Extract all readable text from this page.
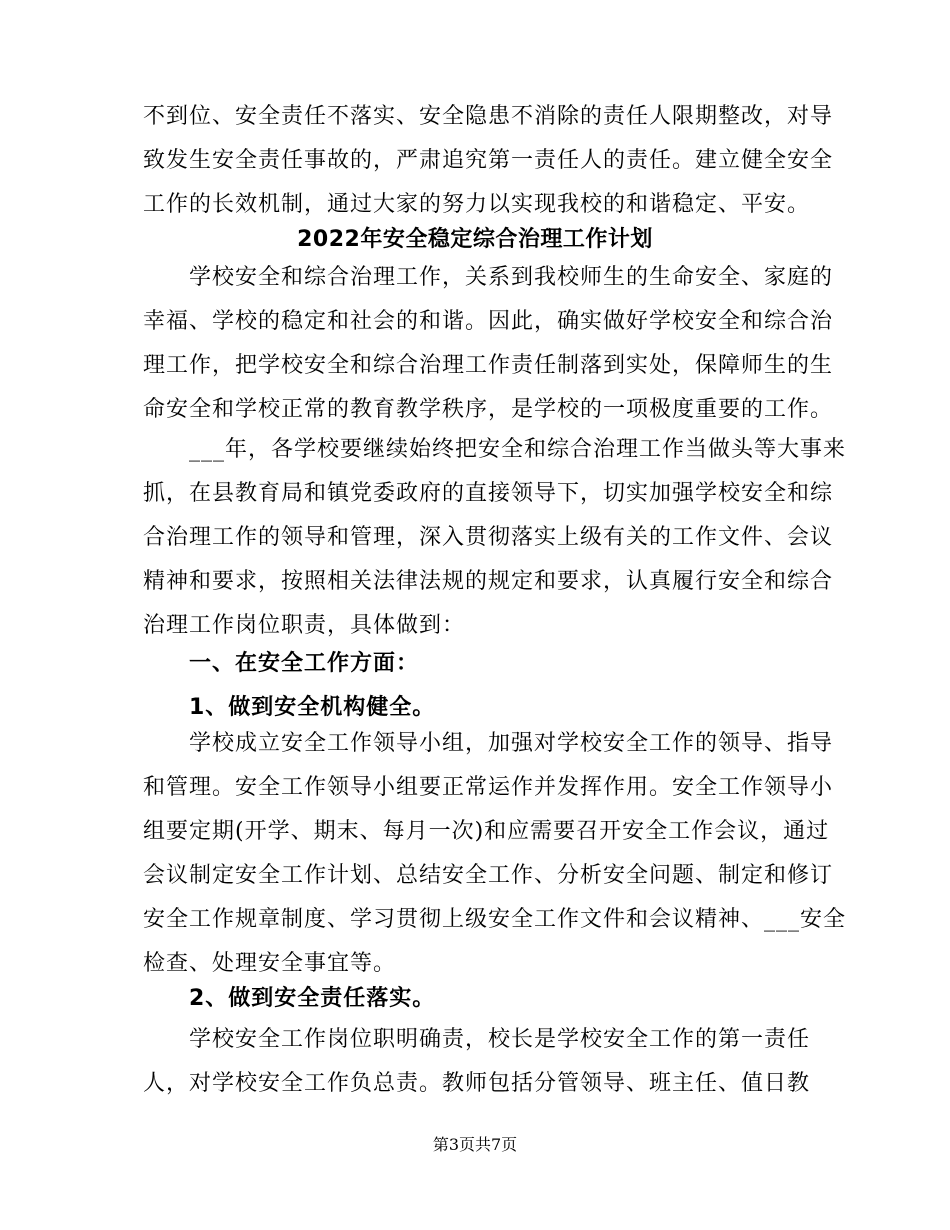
不到位、安全责任不落实、安全隐患不消除的责任人限期整改，对导
致发生安全责任事故的，严肃追究第一责任人的责任。建立健全安全
工作的长效机制，通过大家的努力以实现我校的和谐稳定、平安。
2022年安全稳定综合治理工作计划
　　学校安全和综合治理工作，关系到我校师生的生命安全、家庭的
幸福、学校的稳定和社会的和谐。因此，确实做好学校安全和综合治
理工作，把学校安全和综合治理工作责任制落到实处，保障师生的生
命安全和学校正常的教育教学秩序，是学校的一项极度重要的工作。
　　___年，各学校要继续始终把安全和综合治理工作当做头等大事来
抓，在县教育局和镇党委政府的直接领导下，切实加强学校安全和综
合治理工作的领导和管理，深入贯彻落实上级有关的工作文件、会议
精神和要求，按照相关法律法规的规定和要求，认真履行安全和综合
治理工作岗位职责，具体做到：
　　一、在安全工作方面：
　　1、做到安全机构健全。
　　学校成立安全工作领导小组，加强对学校安全工作的领导、指导
和管理。安全工作领导小组要正常运作并发挥作用。安全工作领导小
组要定期(开学、期末、每月一次)和应需要召开安全工作会议，通过
会议制定安全工作计划、总结安全工作、分析安全问题、制定和修订
安全工作规章制度、学习贯彻上级安全工作文件和会议精神、___安全
检查、处理安全事宜等。
　　2、做到安全责任落实。
　　学校安全工作岗位职明确责，校长是学校安全工作的第一责任
人，对学校安全工作负总责。教师包括分管领导、班主任、值日教
第3页共7页
